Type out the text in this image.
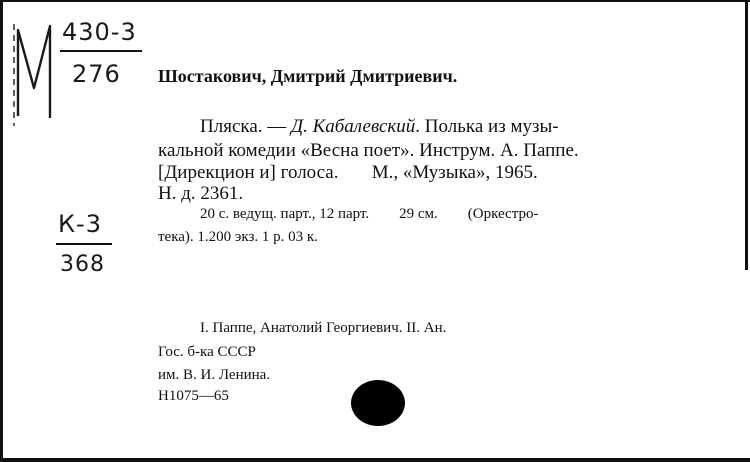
430-3
276
К-3
368
Шостакович, Дмитрий Дмитриевич.
Пляска. — Д. Кабалевский. Полька из музы-
кальной комедии «Весна поет». Инструм. А. Паппе.
[Дирекцион и] голоса.       М., «Музыка», 1965.
Н. д. 2361.
20 с. ведущ. парт., 12 парт.        29 см.        (Оркестро-
тека). 1.200 экз. 1 р. 03 к.
I. Паппе, Анатолий Георгиевич. II. Ан.
Гос. б-ка СССР
им. В. И. Ленина.
Н1075—65
